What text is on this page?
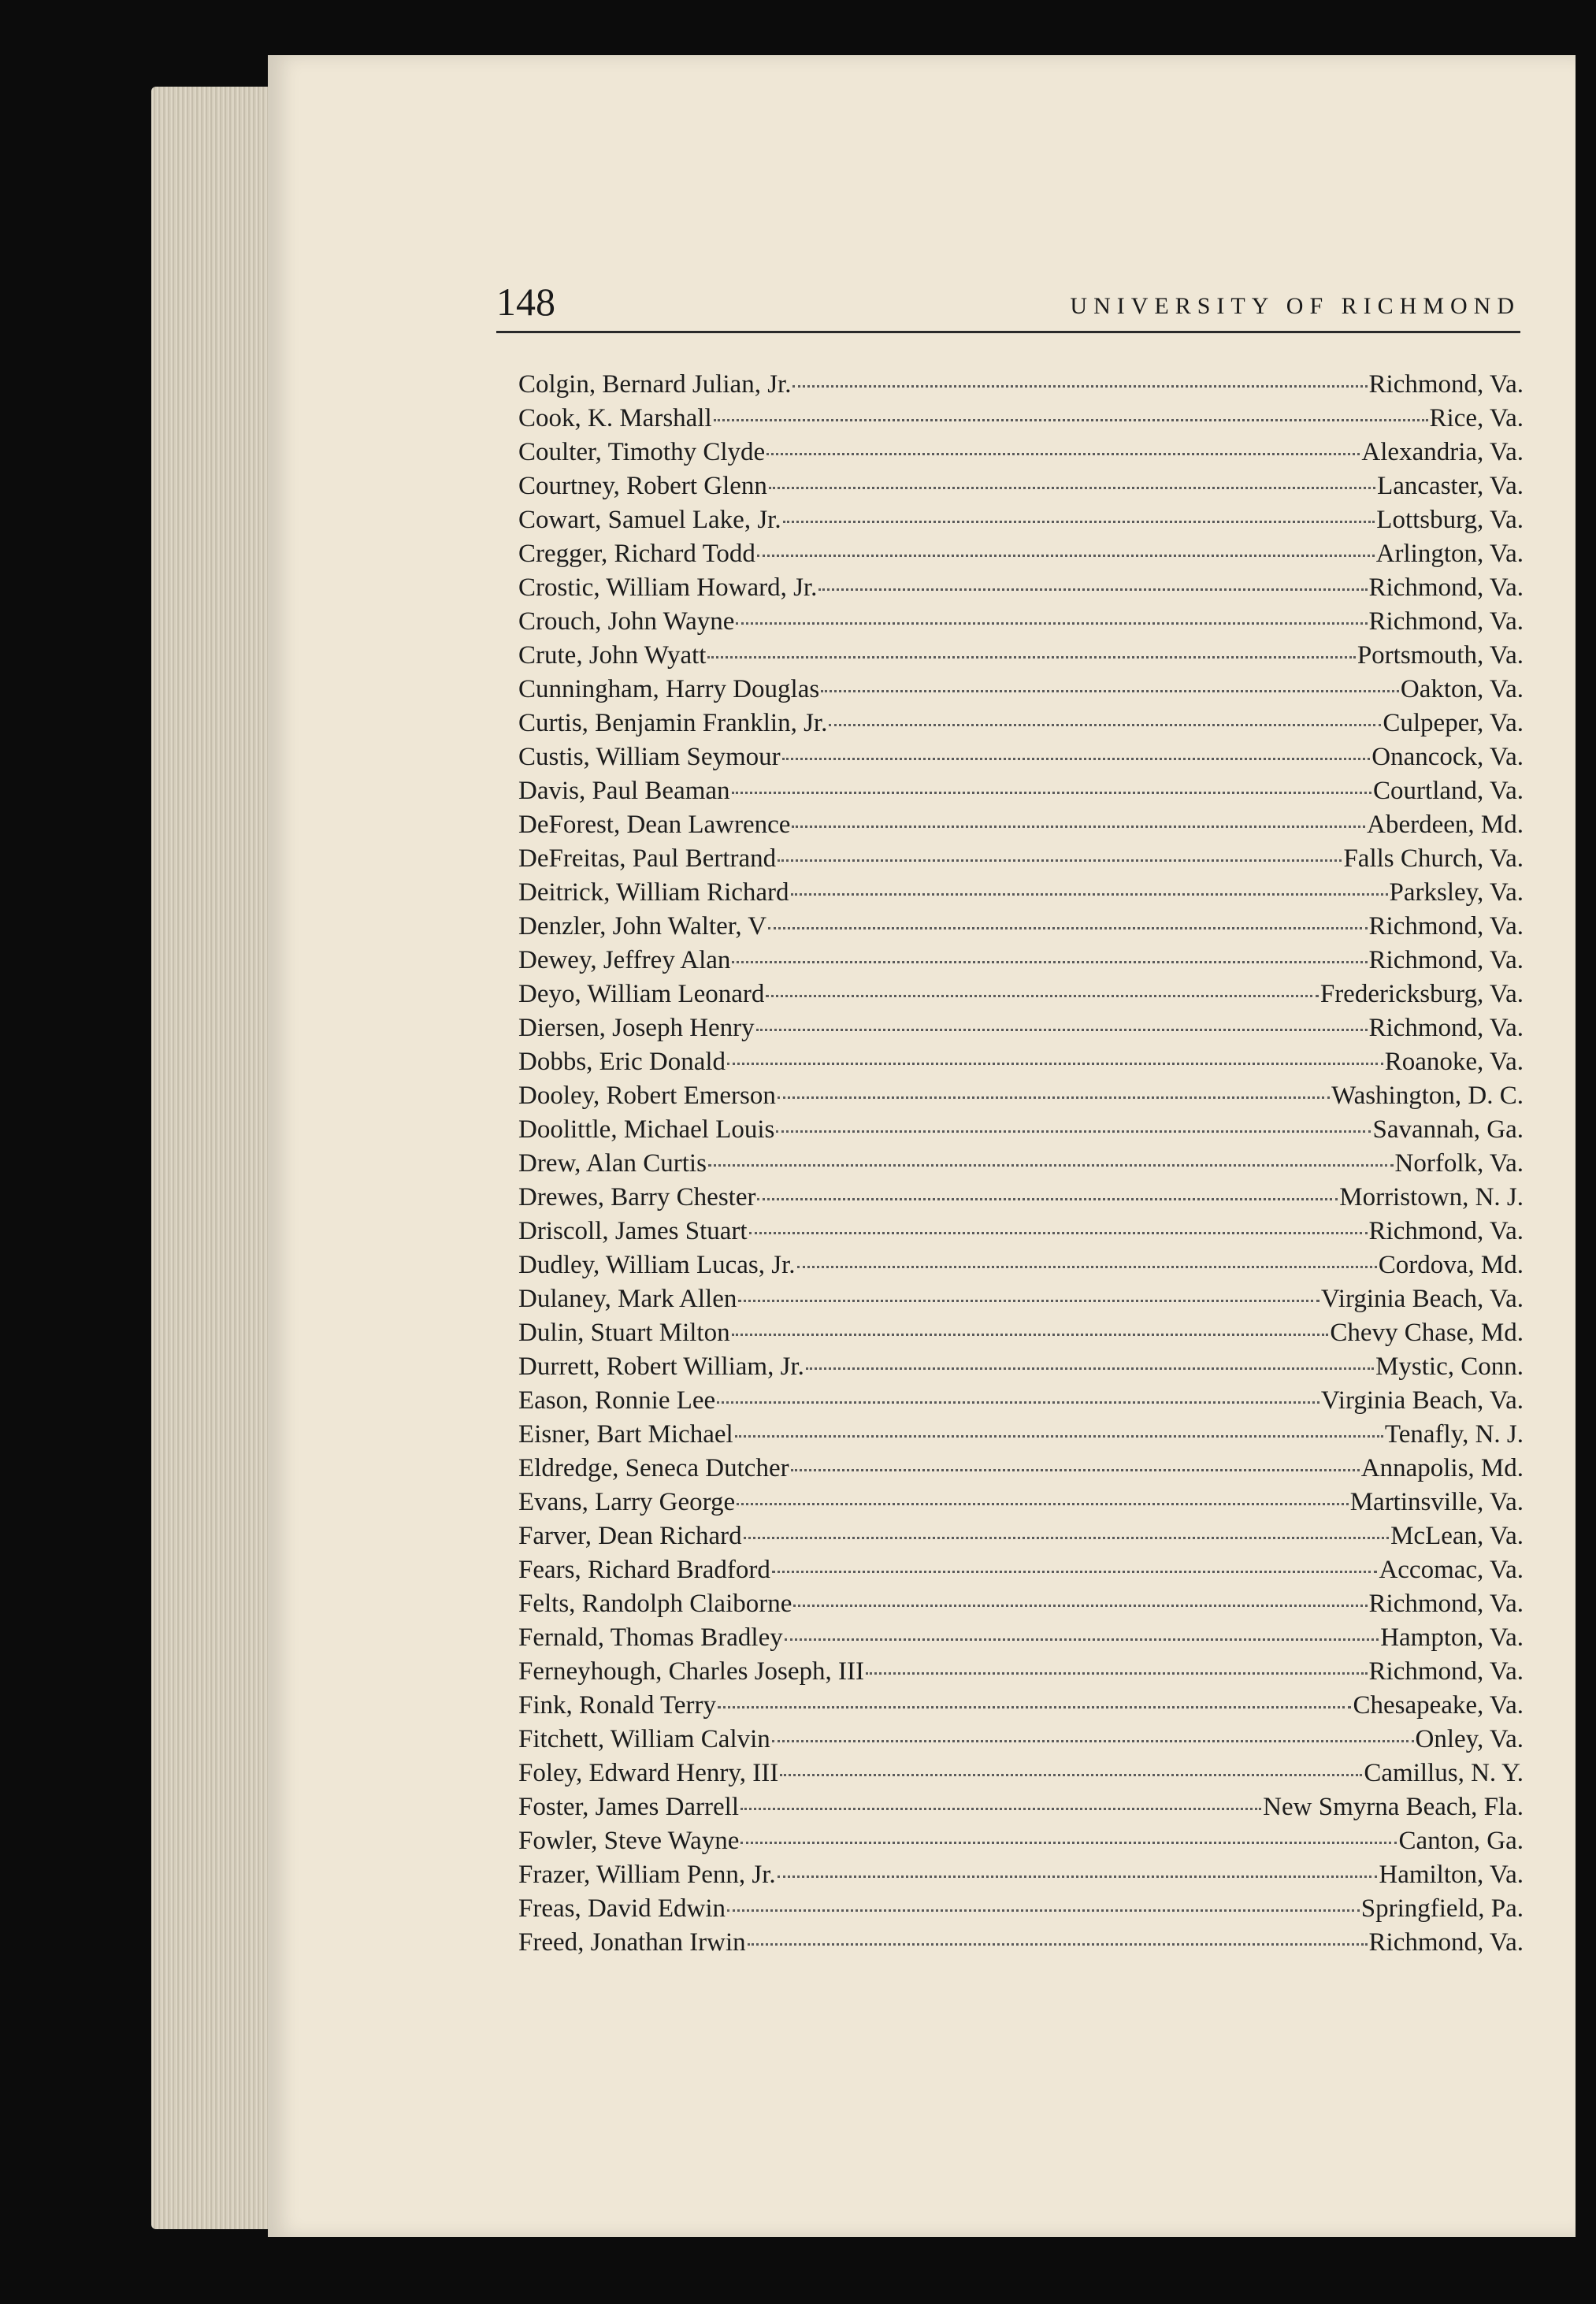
148	UNIVERSITY OF RICHMOND
Colgin, Bernard Julian, Jr.	Richmond, Va.
Cook, K. Marshall	Rice, Va.
Coulter, Timothy Clyde	Alexandria, Va.
Courtney, Robert Glenn	Lancaster, Va.
Cowart, Samuel Lake, Jr.	Lottsburg, Va.
Cregger, Richard Todd	Arlington, Va.
Crostic, William Howard, Jr.	Richmond, Va.
Crouch, John Wayne	Richmond, Va.
Crute, John Wyatt	Portsmouth, Va.
Cunningham, Harry Douglas	Oakton, Va.
Curtis, Benjamin Franklin, Jr.	Culpeper, Va.
Custis, William Seymour	Onancock, Va.
Davis, Paul Beaman	Courtland, Va.
DeForest, Dean Lawrence	Aberdeen, Md.
DeFreitas, Paul Bertrand	Falls Church, Va.
Deitrick, William Richard	Parksley, Va.
Denzler, John Walter, V	Richmond, Va.
Dewey, Jeffrey Alan	Richmond, Va.
Deyo, William Leonard	Fredericksburg, Va.
Diersen, Joseph Henry	Richmond, Va.
Dobbs, Eric Donald	Roanoke, Va.
Dooley, Robert Emerson	Washington, D. C.
Doolittle, Michael Louis	Savannah, Ga.
Drew, Alan Curtis	Norfolk, Va.
Drewes, Barry Chester	Morristown, N. J.
Driscoll, James Stuart	Richmond, Va.
Dudley, William Lucas, Jr.	Cordova, Md.
Dulaney, Mark Allen	Virginia Beach, Va.
Dulin, Stuart Milton	Chevy Chase, Md.
Durrett, Robert William, Jr.	Mystic, Conn.
Eason, Ronnie Lee	Virginia Beach, Va.
Eisner, Bart Michael	Tenafly, N. J.
Eldredge, Seneca Dutcher	Annapolis, Md.
Evans, Larry George	Martinsville, Va.
Farver, Dean Richard	McLean, Va.
Fears, Richard Bradford	Accomac, Va.
Felts, Randolph Claiborne	Richmond, Va.
Fernald, Thomas Bradley	Hampton, Va.
Ferneyhough, Charles Joseph, III	Richmond, Va.
Fink, Ronald Terry	Chesapeake, Va.
Fitchett, William Calvin	Onley, Va.
Foley, Edward Henry, III	Camillus, N. Y.
Foster, James Darrell	New Smyrna Beach, Fla.
Fowler, Steve Wayne	Canton, Ga.
Frazer, William Penn, Jr.	Hamilton, Va.
Freas, David Edwin	Springfield, Pa.
Freed, Jonathan Irwin	Richmond, Va.
